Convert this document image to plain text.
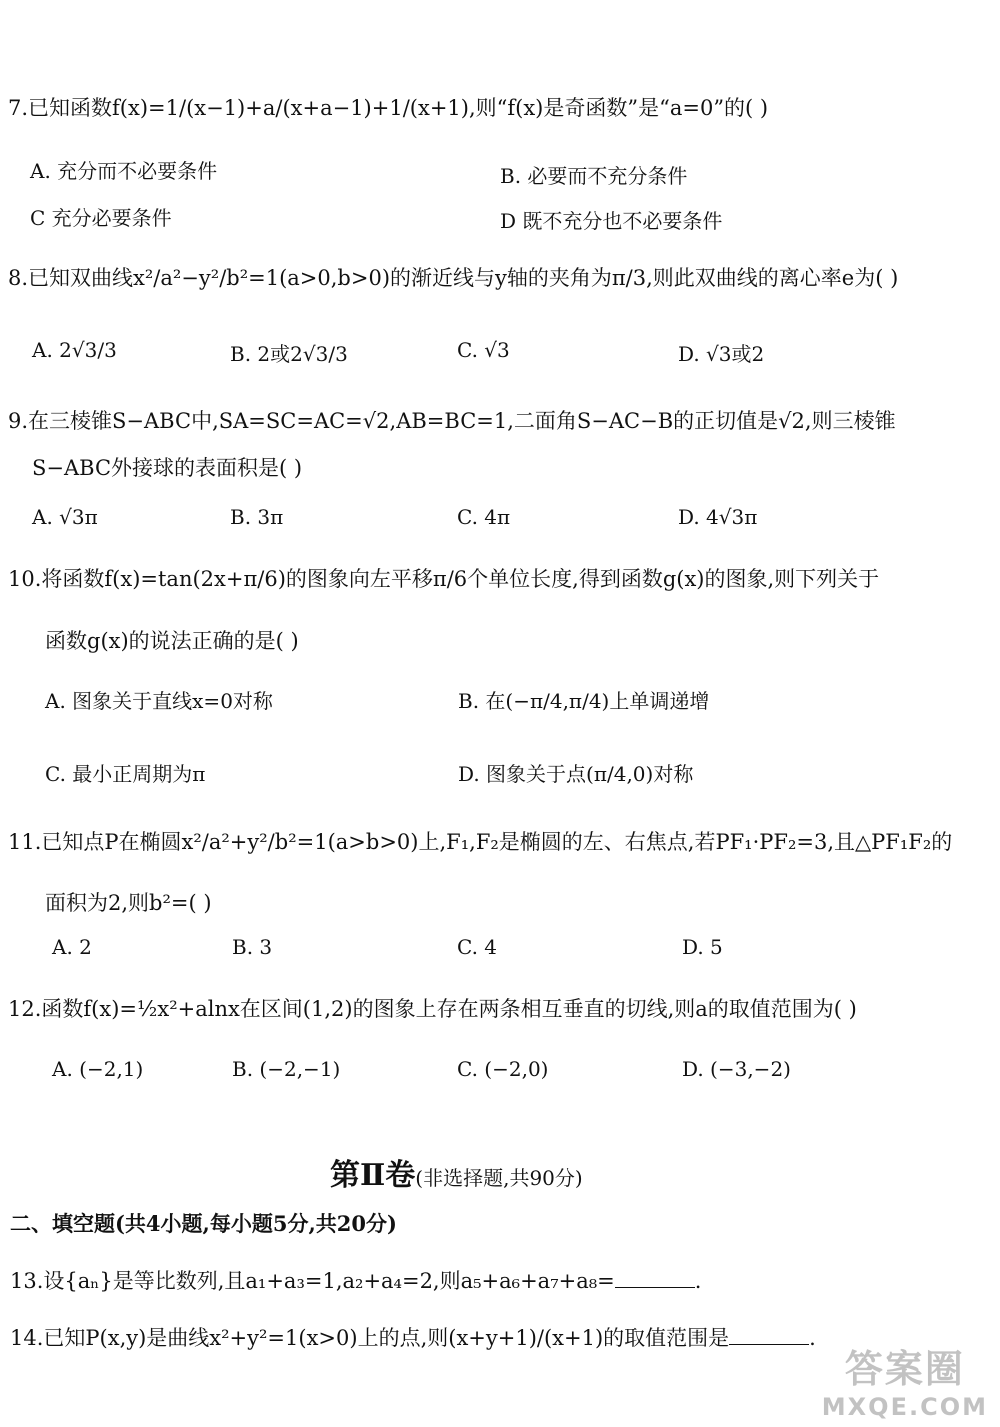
7.已知函数f(x)=1/(x−1)+a/(x+a−1)+1/(x+1),则“f(x)是奇函数”是“a=0”的( )
A. 充分而不必要条件	B. 必要而不充分条件
C 充分必要条件	D 既不充分也不必要条件
8.已知双曲线x²/a²−y²/b²=1(a>0,b>0)的渐近线与y轴的夹角为π/3,则此双曲线的离心率e为( )
A. 2√3/3	B. 2或2√3/3	C. √3	D. √3或2
9.在三棱锥S−ABC中,SA=SC=AC=√2,AB=BC=1,二面角S−AC−B的正切值是√2,则三棱锥
S−ABC外接球的表面积是( )
A. √3π	B. 3π	C. 4π	D. 4√3π
10.将函数f(x)=tan(2x+π/6)的图象向左平移π/6个单位长度,得到函数g(x)的图象,则下列关于
函数g(x)的说法正确的是( )
A. 图象关于直线x=0对称	B. 在(−π/4,π/4)上单调递增
C. 最小正周期为π	D. 图象关于点(π/4,0)对称
11.已知点P在椭圆x²/a²+y²/b²=1(a>b>0)上,F₁,F₂是椭圆的左、右焦点,若PF₁·PF₂=3,且△PF₁F₂的
面积为2,则b²=( )
A. 2	B. 3	C. 4	D. 5
12.函数f(x)=½x²+alnx在区间(1,2)的图象上存在两条相互垂直的切线,则a的取值范围为( )
A. (−2,1)	B. (−2,−1)	C. (−2,0)	D. (−3,−2)
第Ⅱ卷(非选择题,共90分)
二、填空题(共4小题,每小题5分,共20分)
13.设{aₙ}是等比数列,且a₁+a₃=1,a₂+a₄=2,则a₅+a₆+a₇+a₈=	.
14.已知P(x,y)是曲线x²+y²=1(x>0)上的点,则(x+y+1)/(x+1)的取值范围是	.
答案圈
MXQE.COM
